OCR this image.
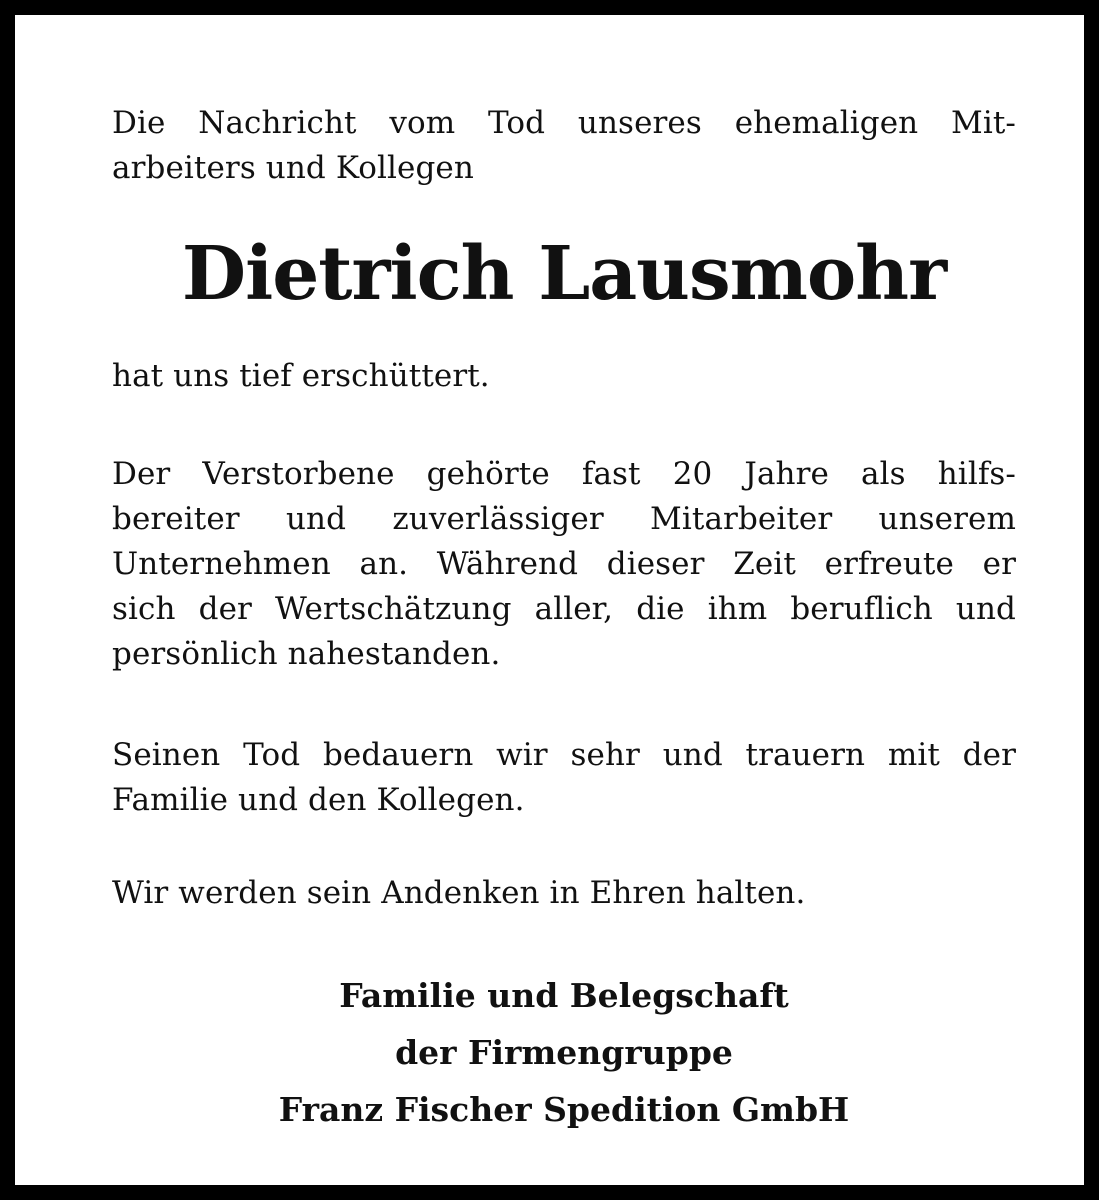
Die Nachricht vom Tod unseres ehemaligen Mit-
arbeiters und Kollegen

Dietrich Lausmohr

hat uns tief erschüttert.

Der Verstorbene gehörte fast 20 Jahre als hilfs-
bereiter und zuverlässiger Mitarbeiter unserem
Unternehmen an. Während dieser Zeit erfreute er
sich der Wertschätzung aller, die ihm beruflich und
persönlich nahestanden.

Seinen Tod bedauern wir sehr und trauern mit der
Familie und den Kollegen.

Wir werden sein Andenken in Ehren halten.

Familie und Belegschaft
der Firmengruppe
Franz Fischer Spedition GmbH
